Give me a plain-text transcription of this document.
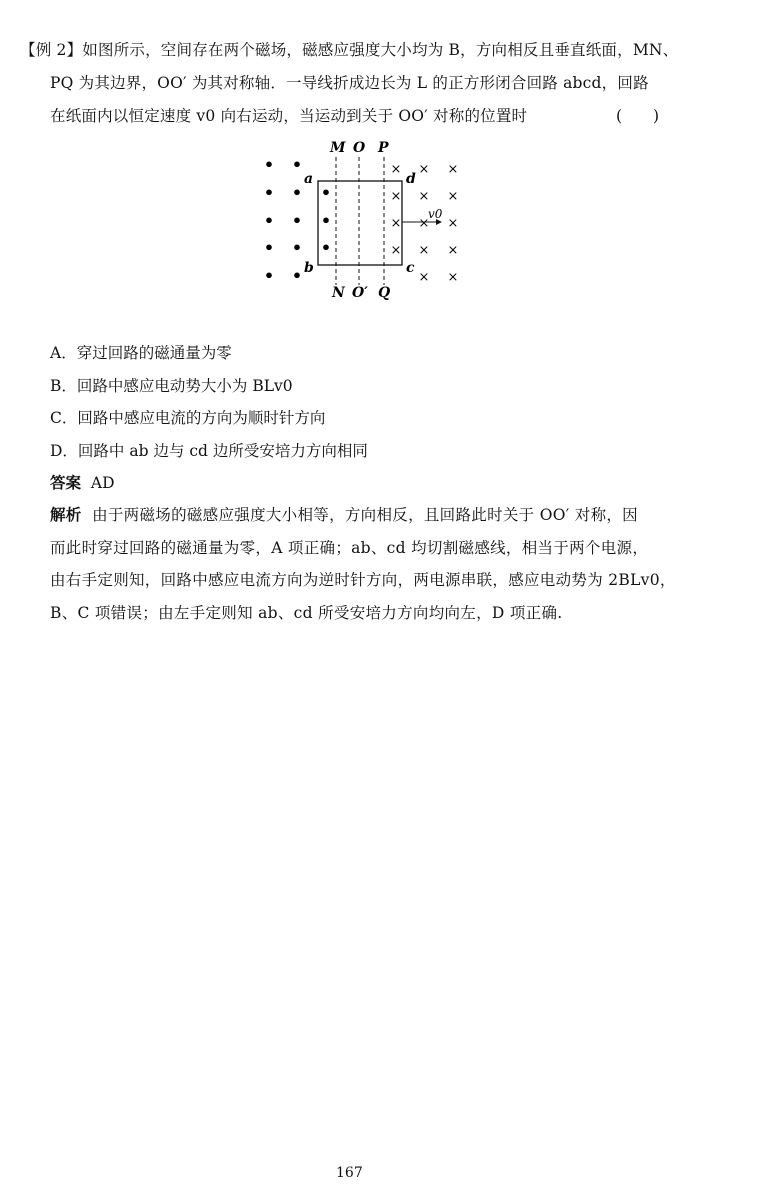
【例 2】如图所示，空间存在两个磁场，磁感应强度大小均为 B，方向相反且垂直纸面，MN、
PQ 为其边界，OO′ 为其对称轴．一导线折成边长为 L 的正方形闭合回路 abcd，回路
在纸面内以恒定速度 v0 向右运动，当运动到关于 OO′ 对称的位置时	(　　)
M O P
N O′ Q
a
b	c
d
• •
• • •
• • •
• • •
• •
× × ×
× × ×
× × ×
× × ×
× ×
v0
A．穿过回路的磁通量为零
B．回路中感应电动势大小为 BLv0
C．回路中感应电流的方向为顺时针方向
D．回路中 ab 边与 cd 边所受安培力方向相同
答案 AD
解析 由于两磁场的磁感应强度大小相等，方向相反，且回路此时关于 OO′ 对称，因
而此时穿过回路的磁通量为零，A 项正确；ab、cd 均切割磁感线，相当于两个电源，
由右手定则知，回路中感应电流方向为逆时针方向，两电源串联，感应电动势为 2BLv0，
B、C 项错误；由左手定则知 ab、cd 所受安培力方向均向左，D 项正确.
167
